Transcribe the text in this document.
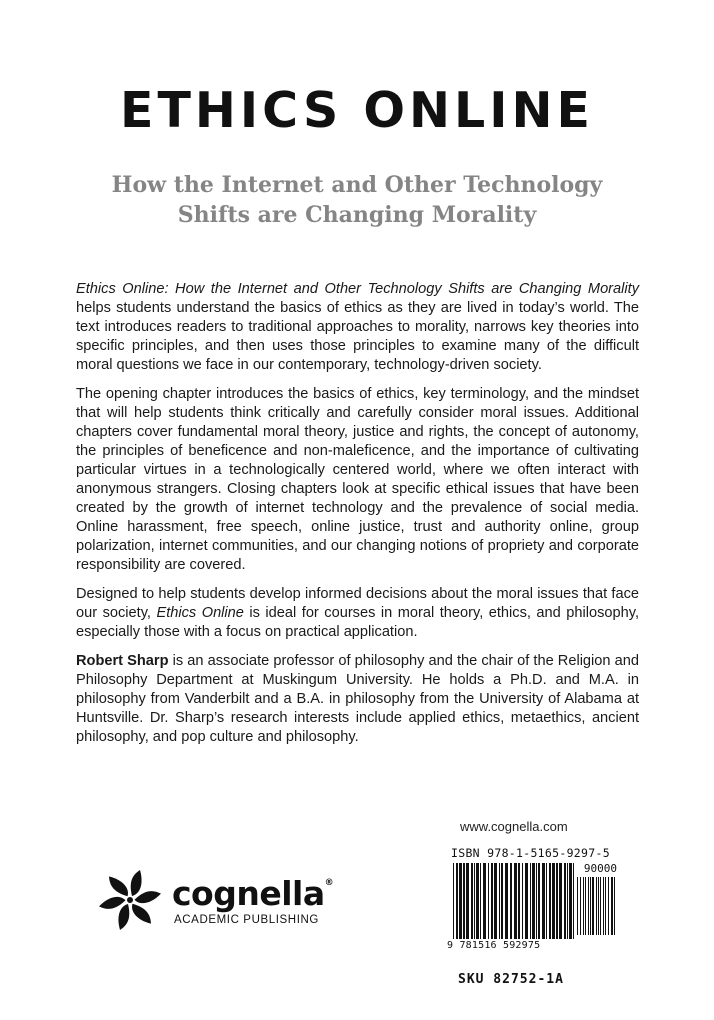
ETHICS ONLINE
How the Internet and Other Technology
Shifts are Changing Morality

Ethics Online: How the Internet and Other Technology Shifts are Changing Morality helps students understand the basics of ethics as they are lived in today’s world. The text introduces readers to traditional approaches to morality, narrows key theories into specific principles, and then uses those principles to examine many of the difficult moral questions we face in our contemporary, technology-driven society.

The opening chapter introduces the basics of ethics, key terminology, and the mindset that will help students think critically and carefully consider moral issues. Additional chapters cover fundamental moral theory, justice and rights, the concept of autonomy, the principles of beneficence and non-maleficence, and the importance of cultivating particular virtues in a technologically centered world, where we often interact with anonymous strangers. Closing chapters look at specific ethical issues that have been created by the growth of internet technology and the prevalence of social media. Online harassment, free speech, online justice, trust and authority online, group polarization, internet communities, and our changing notions of propriety and corporate responsibility are covered.

Designed to help students develop informed decisions about the moral issues that face our society, Ethics Online is ideal for courses in moral theory, ethics, and philosophy, especially those with a focus on practical application.

Robert Sharp is an associate professor of philosophy and the chair of the Religion and Philosophy Department at Muskingum University. He holds a Ph.D. and M.A. in philosophy from Vanderbilt and a B.A. in philosophy from the University of Alabama at Huntsville. Dr. Sharp’s research interests include applied ethics, metaethics, ancient philosophy, and pop culture and philosophy.

www.cognella.com
cognella®
ACADEMIC PUBLISHING
ISBN 978-1-5165-9297-5
90000
9 781516 592975
SKU 82752-1A
